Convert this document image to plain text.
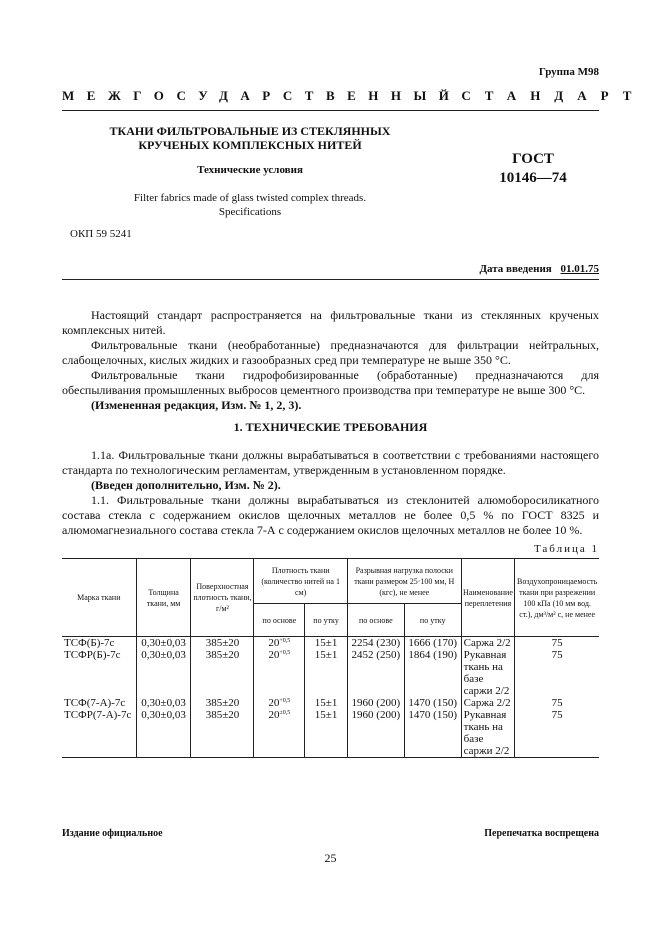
Группа М98
МЕЖГОСУДАРСТВЕННЫЙ СТАНДАРТ
ТКАНИ ФИЛЬТРОВАЛЬНЫЕ ИЗ СТЕКЛЯННЫХ
КРУЧЕНЫХ КОМПЛЕКСНЫХ НИТЕЙ
Технические условия
Filter fabrics made of glass twisted complex threads.
Specifications
ГОСТ
10146—74
ОКП 59 5241
Дата введения 01.01.75
Настоящий стандарт распространяется на фильтровальные ткани из стеклянных крученых комплексных нитей.
Фильтровальные ткани (необработанные) предназначаются для фильтрации нейтральных, слабощелочных, кислых жидких и газообразных сред при температуре не выше 350 °С.
Фильтровальные ткани гидрофобизированные (обработанные) предназначаются для обеспыливания промышленных выбросов цементного производства при температуре не выше 300 °С.
(Измененная редакция, Изм. № 1, 2, 3).
1. ТЕХНИЧЕСКИЕ ТРЕБОВАНИЯ
1.1а. Фильтровальные ткани должны вырабатываться в соответствии с требованиями настоящего стандарта по технологическим регламентам, утвержденным в установленном порядке.
(Введен дополнительно, Изм. № 2).
1.1. Фильтровальные ткани должны вырабатываться из стеклонитей алюмоборосиликатного состава стекла с содержанием окислов щелочных металлов не более 0,5 % по ГОСТ 8325 и алюмомагнезиального состава стекла 7-А с содержанием окислов щелочных металлов не более 10 %.
Таблица 1
Марка ткани	Толщина ткани, мм	Поверхностная плотность ткани, г/м²	Плотность ткани (количество нитей на 1 см)		Разрывная нагрузка полоски ткани размером 25·100 мм, Н (кгс), не менее		Наименование переплетения	Воздухопроницаемость ткани при разрежении 100 кПа (10 мм вод. ст.), дм³/м² с, не менее
			по основе	по утку	по основе	по утку		
ТСФ(Б)-7с	0,30±0,03	385±20	$20^{+0,5}$	15±1	2254 (230)	1666 (170)	Саржа 2/2	75
ТСФР(Б)-7с	0,30±0,03	385±20	$20^{+0,5}$	15±1	2452 (250)	1864 (190)	Рукавная ткань на базе саржи 2/2	75
ТСФ(7-А)-7с	0,30±0,03	385±20	$20^{+0,5}$	15±1	1960 (200)	1470 (150)	Саржа 2/2	75
ТСФР(7-А)-7с	0,30±0,03	385±20	$20^{\pm 0,5}$	15±1	1960 (200)	1470 (150)	Рукавная ткань на базе саржи 2/2	75
Издание официальное	Перепечатка воспрещена
25
